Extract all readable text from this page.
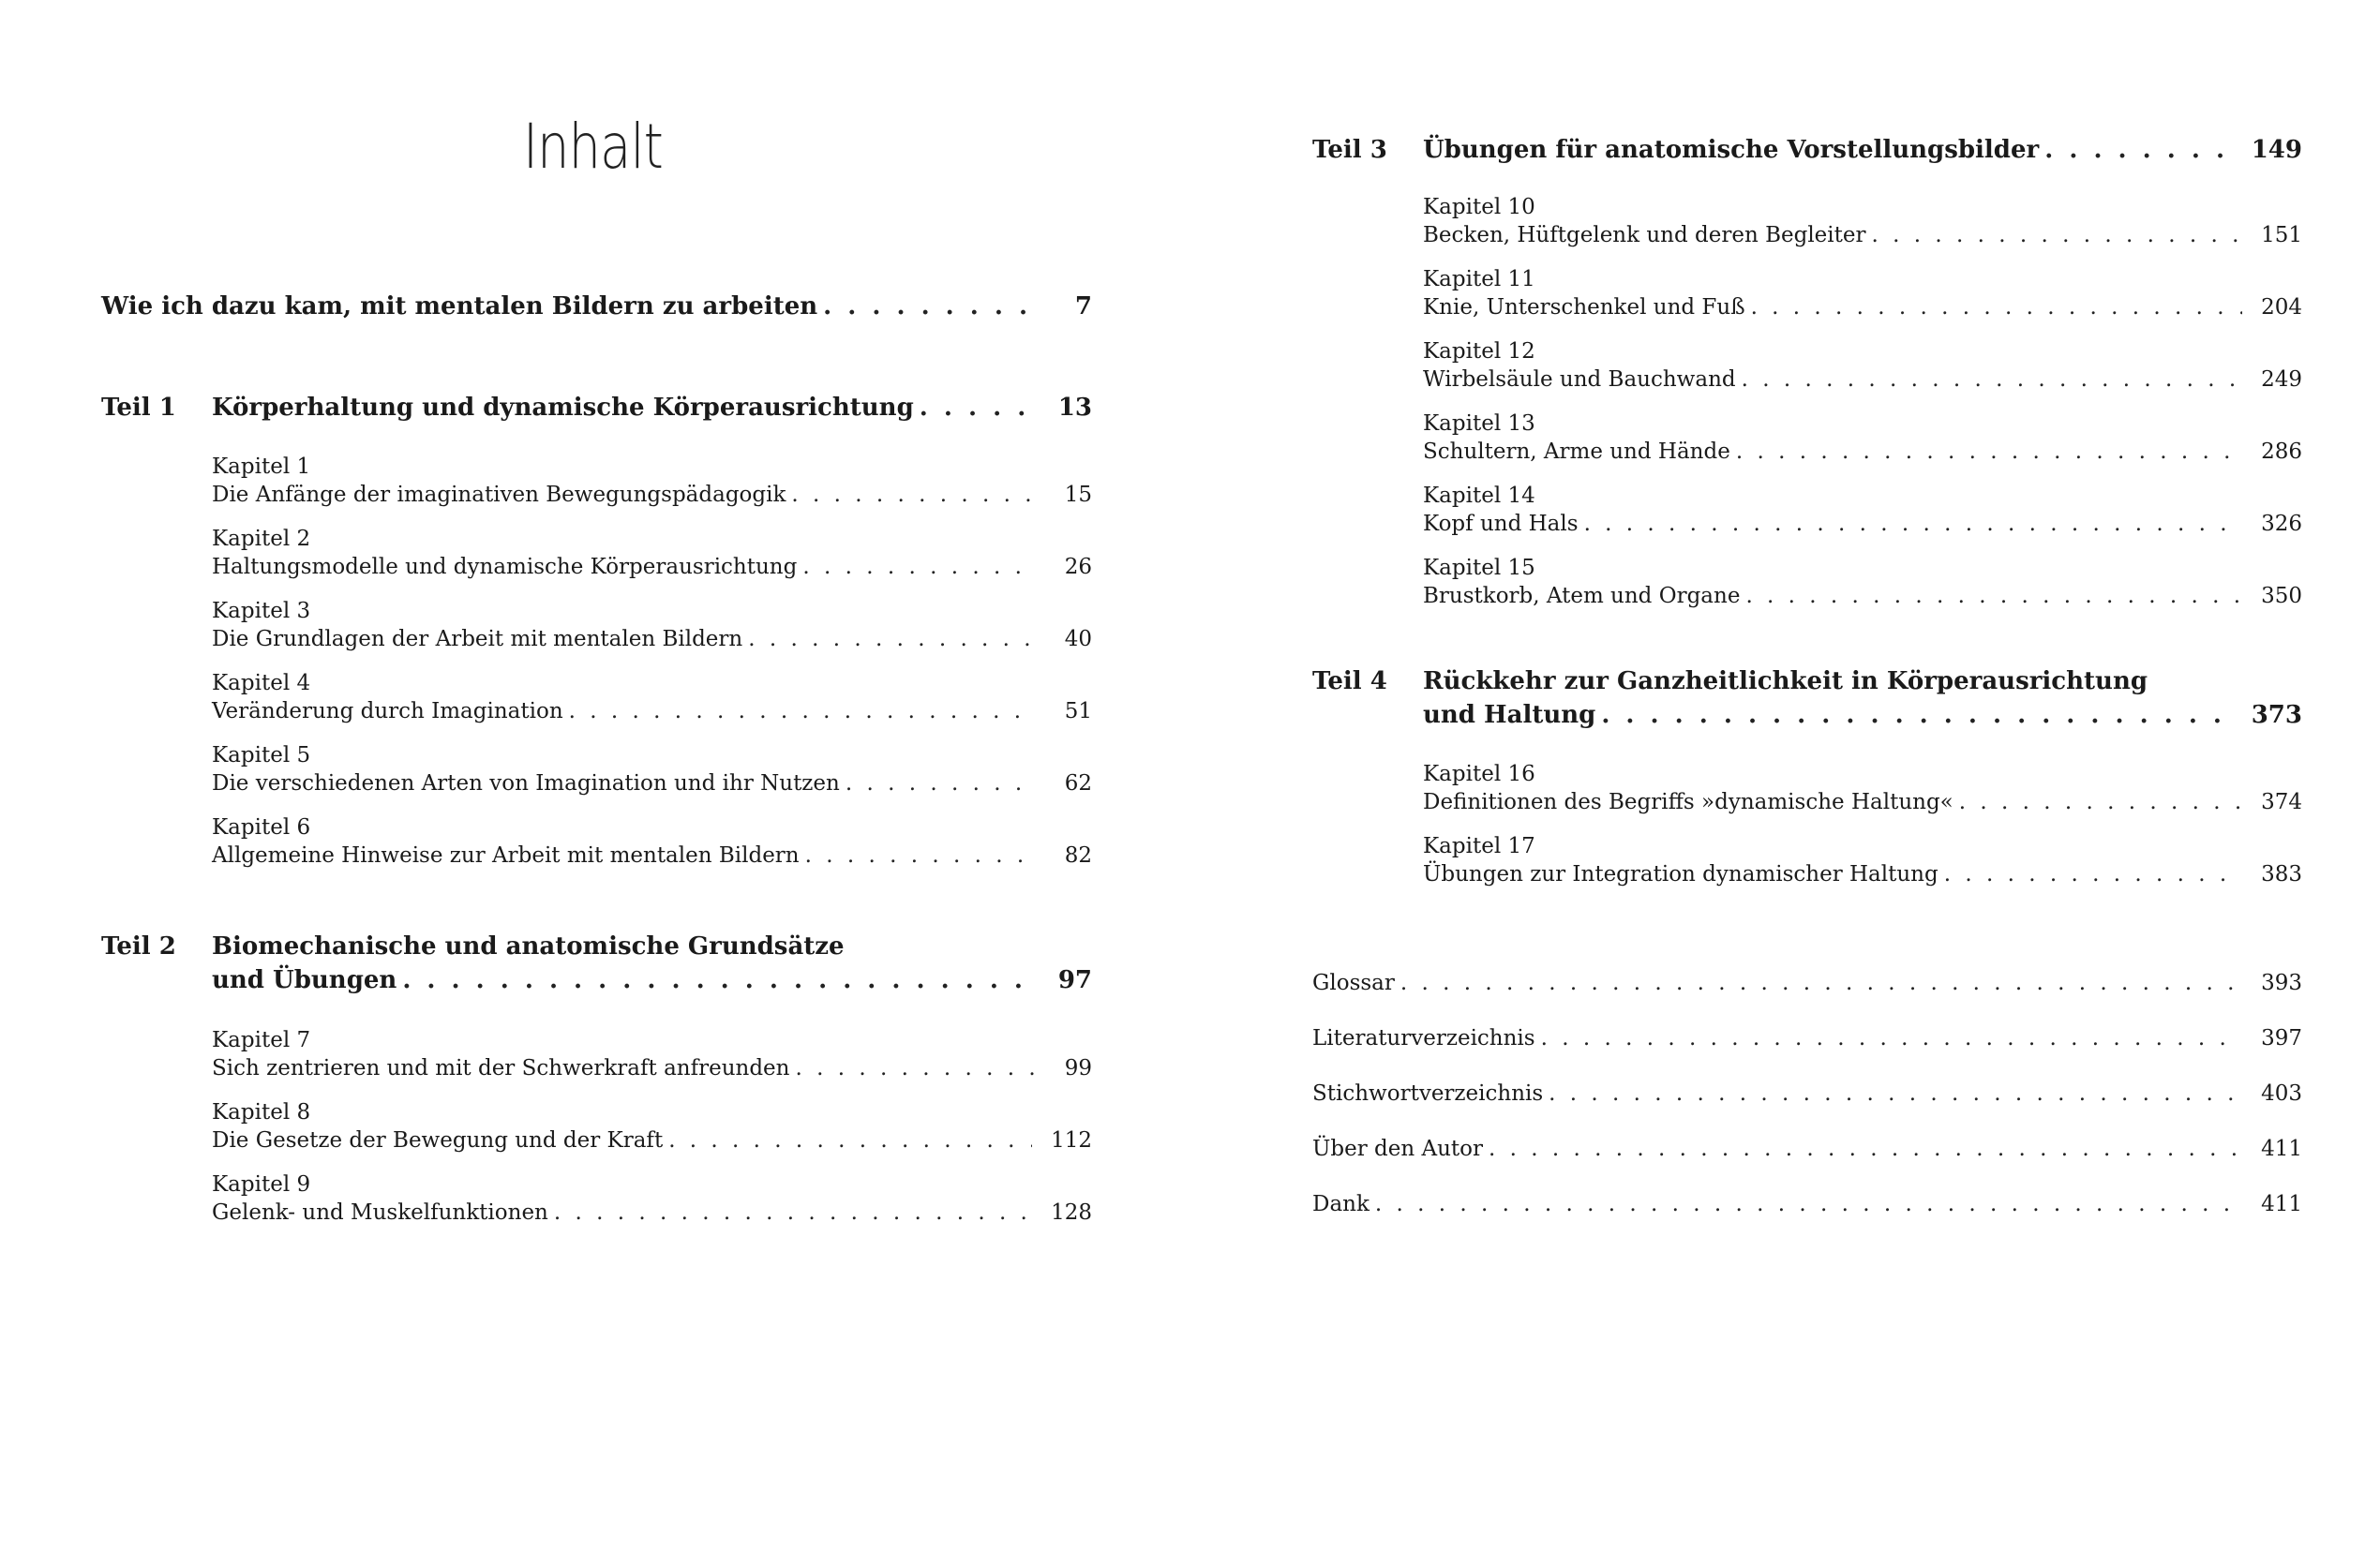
Inhalt
Wie ich dazu kam, mit mentalen Bildern zu arbeiten . . .	7
Teil 1	Körperhaltung und dynamische Körperausrichtung . . .	13
Kapitel 1
Die Anfänge der imaginativen Bewegungspädagogik . . .	15
Kapitel 2
Haltungsmodelle und dynamische Körperausrichtung . . .	26
Kapitel 3
Die Grundlagen der Arbeit mit mentalen Bildern . . .	40
Kapitel 4
Veränderung durch Imagination . . .	51
Kapitel 5
Die verschiedenen Arten von Imagination und ihr Nutzen . . .	62
Kapitel 6
Allgemeine Hinweise zur Arbeit mit mentalen Bildern . . .	82
Teil 2	Biomechanische und anatomische Grundsätze
und Übungen . . .	97
Kapitel 7
Sich zentrieren und mit der Schwerkraft anfreunden . . .	99
Kapitel 8
Die Gesetze der Bewegung und der Kraft . . .	112
Kapitel 9
Gelenk- und Muskelfunktionen . . .	128
Teil 3	Übungen für anatomische Vorstellungsbilder . . .	149
Kapitel 10
Becken, Hüftgelenk und deren Begleiter . . .	151
Kapitel 11
Knie, Unterschenkel und Fuß . . .	204
Kapitel 12
Wirbelsäule und Bauchwand . . .	249
Kapitel 13
Schultern, Arme und Hände . . .	286
Kapitel 14
Kopf und Hals . . .	326
Kapitel 15
Brustkorb, Atem und Organe . . .	350
Teil 4	Rückkehr zur Ganzheitlichkeit in Körperausrichtung
und Haltung . . .	373
Kapitel 16
Definitionen des Begriffs »dynamische Haltung« . . .	374
Kapitel 17
Übungen zur Integration dynamischer Haltung . . .	383
Glossar . . .	393
Literaturverzeichnis . . .	397
Stichwortverzeichnis . . .	403
Über den Autor . . .	411
Dank . . .	411
